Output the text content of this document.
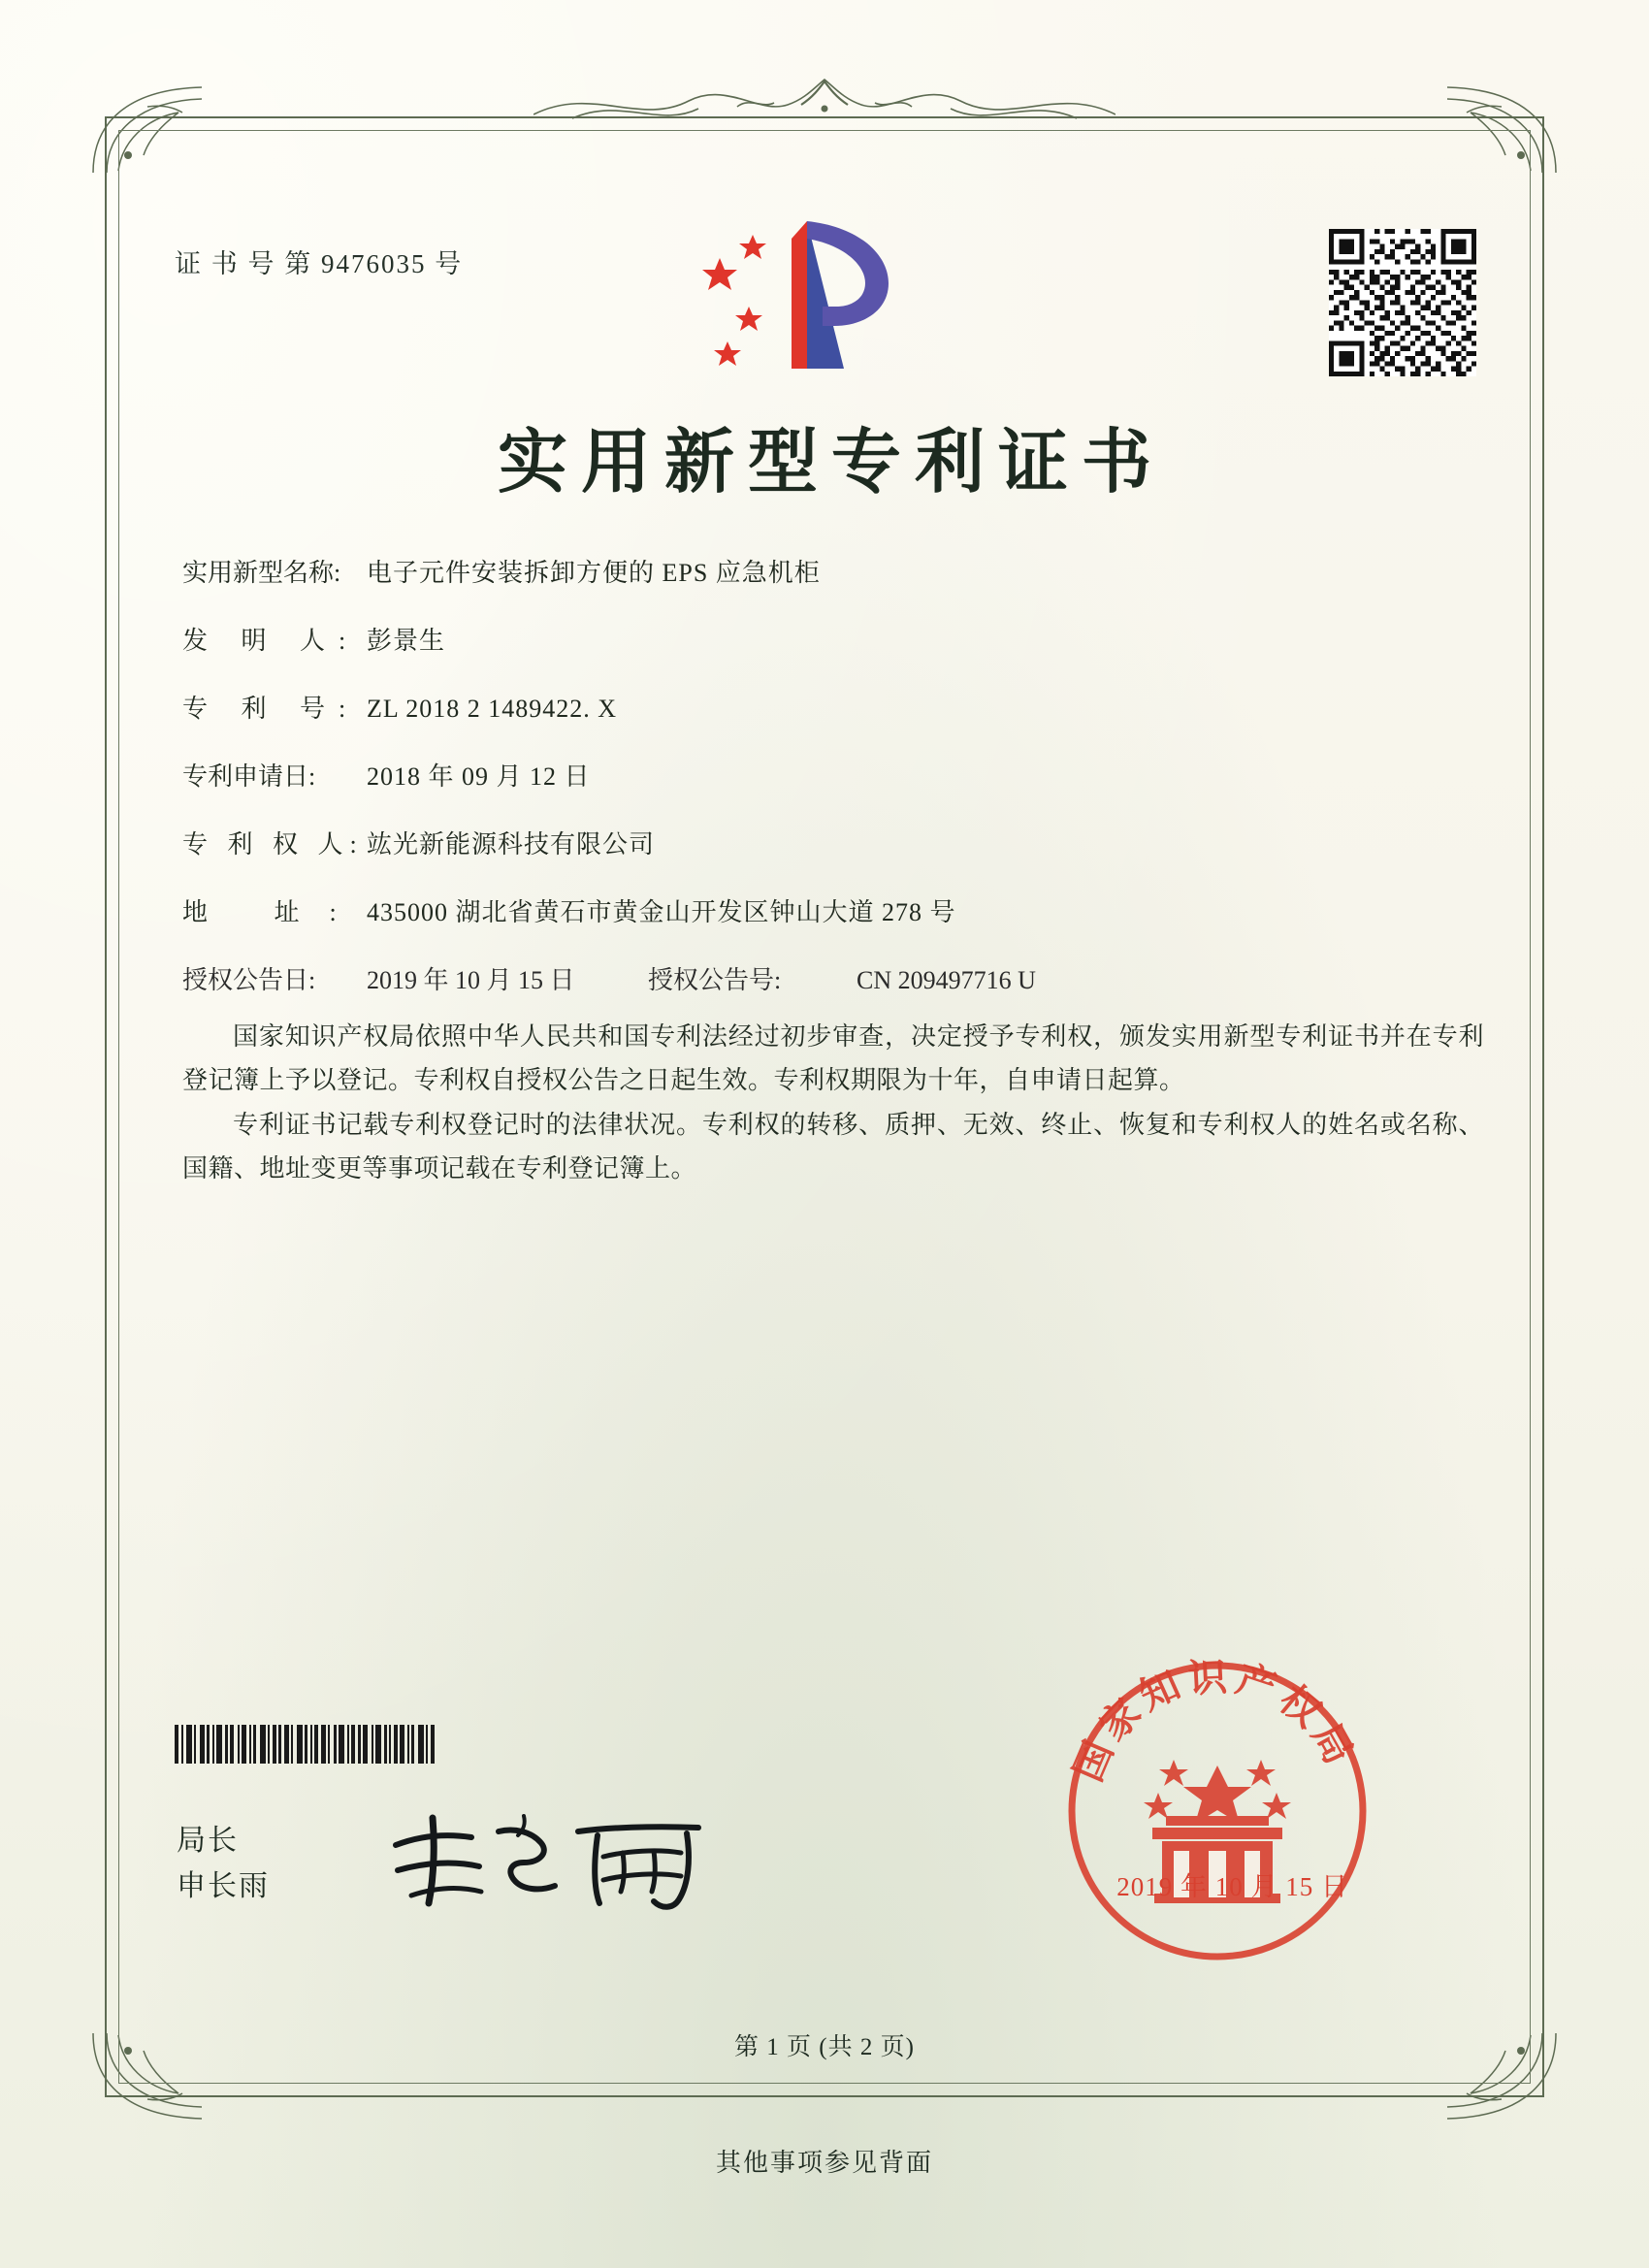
证 书 号 第 9476035 号
实用新型专利证书
实用新型名称:	电子元件安装拆卸方便的 EPS 应急机柜
发 明 人: 彭景生
专 利 号: ZL 2018 2 1489422. X
专利申请日:	2018 年 09 月 12 日
专 利 权 人: 竑光新能源科技有限公司
地 址: 435000 湖北省黄石市黄金山开发区钟山大道 278 号
授权公告日:	2019 年 10 月 15 日	授权公告号:	CN 209497716 U

国家知识产权局依照中华人民共和国专利法经过初步审查，决定授予专利权，颁发实用新型专利证书并在专利登记簿上予以登记。专利权自授权公告之日起生效。专利权期限为十年，自申请日起算。

专利证书记载专利权登记时的法律状况。专利权的转移、质押、无效、终止、恢复和专利权人的姓名或名称、国籍、地址变更等事项记载在专利登记簿上。

局长
申长雨
国家知识产权局
2019 年 10 月 15 日
第 1 页 (共 2 页)
其他事项参见背面
